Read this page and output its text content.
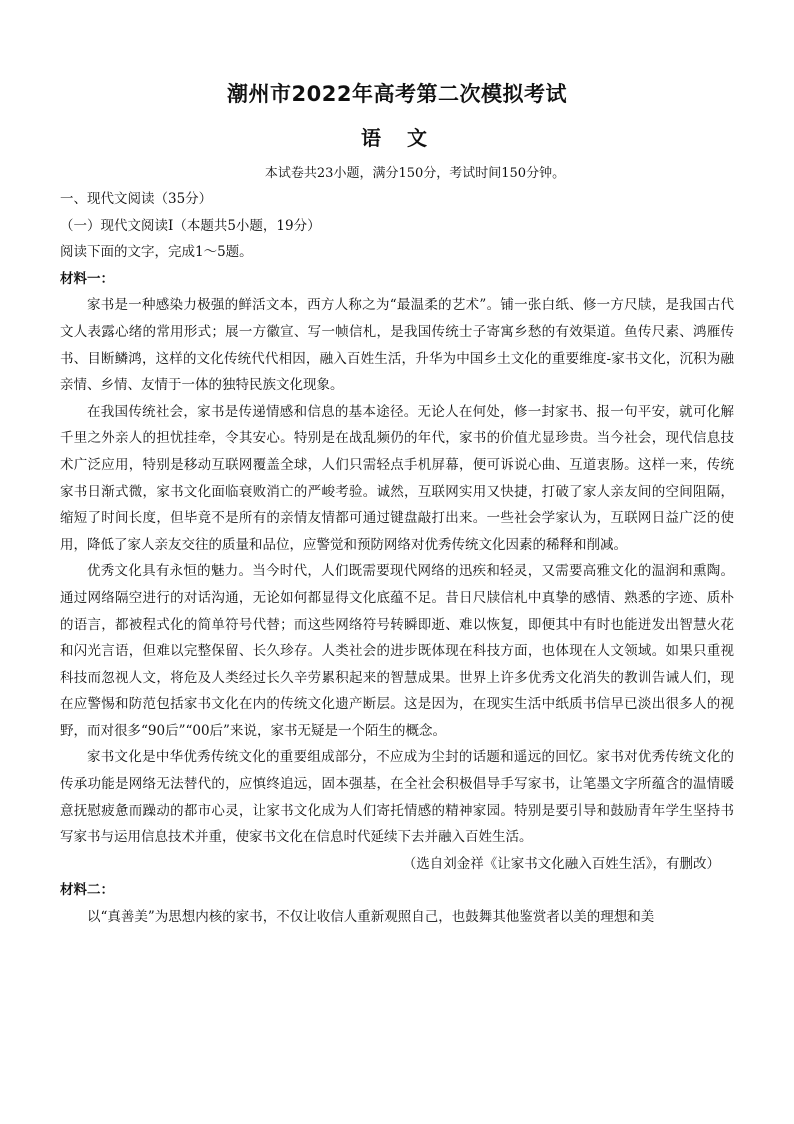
潮州市2022年高考第二次模拟考试
语文
本试卷共23小题，满分150分，考试时间150分钟。

一、现代文阅读（35分）

（一）现代文阅读Ⅰ（本题共5小题，19分）

阅读下面的文字，完成1～5题。

材料一：

家书是一种感染力极强的鲜活文本，西方人称之为“最温柔的艺术”。铺一张白纸、修一方尺牍，是我国古代文人表露心绪的常用形式；展一方徽宣、写一帧信札，是我国传统士子寄寓乡愁的有效渠道。鱼传尺素、鸿雁传书、目断鳞鸿，这样的文化传统代代相因，融入百姓生活，升华为中国乡土文化的重要维度-家书文化，沉积为融亲情、乡情、友情于一体的独特民族文化现象。

在我国传统社会，家书是传递情感和信息的基本途径。无论人在何处，修一封家书、报一句平安，就可化解千里之外亲人的担忧挂牵，令其安心。特别是在战乱频仍的年代，家书的价值尤显珍贵。当今社会，现代信息技术广泛应用，特别是移动互联网覆盖全球，人们只需轻点手机屏幕，便可诉说心曲、互道衷肠。这样一来，传统家书日渐式微，家书文化面临衰败消亡的严峻考验。诚然，互联网实用又快捷，打破了家人亲友间的空间阻隔，缩短了时间长度，但毕竟不是所有的亲情友情都可通过键盘敲打出来。一些社会学家认为，互联网日益广泛的使用，降低了家人亲友交往的质量和品位，应警觉和预防网络对优秀传统文化因素的稀释和削减。

优秀文化具有永恒的魅力。当今时代，人们既需要现代网络的迅疾和轻灵，又需要高雅文化的温润和熏陶。通过网络隔空进行的对话沟通，无论如何都显得文化底蕴不足。昔日尺牍信札中真挚的感情、熟悉的字迹、质朴的语言，都被程式化的简单符号代替；而这些网络符号转瞬即逝、难以恢复，即便其中有时也能迸发出智慧火花和闪光言语，但难以完整保留、长久珍存。人类社会的进步既体现在科技方面，也体现在人文领域。如果只重视科技而忽视人文，将危及人类经过长久辛劳累积起来的智慧成果。世界上许多优秀文化消失的教训告诫人们，现在应警惕和防范包括家书文化在内的传统文化遗产断层。这是因为，在现实生活中纸质书信早已淡出很多人的视野，而对很多“90后”“00后”来说，家书无疑是一个陌生的概念。

家书文化是中华优秀传统文化的重要组成部分，不应成为尘封的话题和遥远的回忆。家书对优秀传统文化的传承功能是网络无法替代的，应慎终追远，固本强基，在全社会积极倡导手写家书，让笔墨文字所蕴含的温情暖意抚慰疲惫而躁动的都市心灵，让家书文化成为人们寄托情感的精神家园。特别是要引导和鼓励青年学生坚持书写家书与运用信息技术并重，使家书文化在信息时代延续下去并融入百姓生活。

（选自刘金祥《让家书文化融入百姓生活》，有删改）

材料二：

以“真善美”为思想内核的家书，不仅让收信人重新观照自己，也鼓舞其他鉴赏者以美的理想和美
